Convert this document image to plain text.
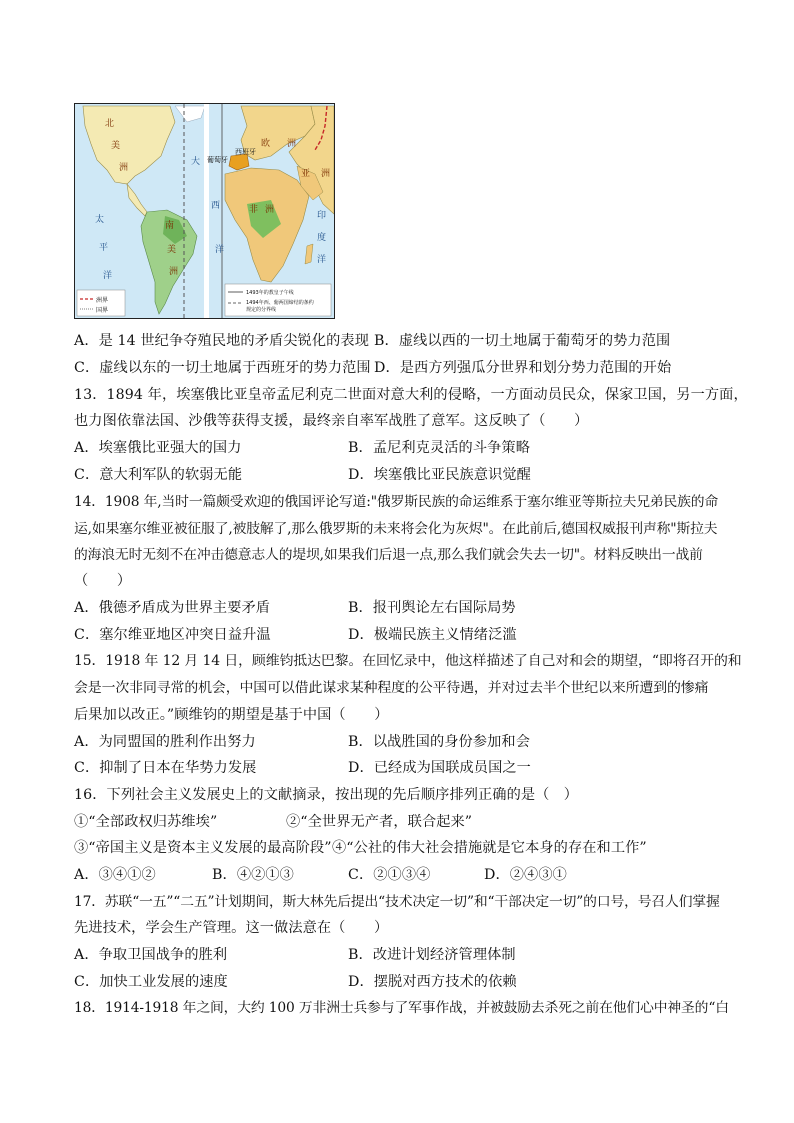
北
美
洲
南
美
洲
太
平
洋
大
西
洋
欧 洲
亚 洲
非 洲
印
度
洋
葡萄牙
西班牙
洲界
国界
1493年的教皇子午线
1494年西、葡两国缔结的条约
规定的分界线
A．是 14 世纪争夺殖民地的矛盾尖锐化的表现 B．虚线以西的一切土地属于葡萄牙的势力范围
C．虚线以东的一切土地属于西班牙的势力范围 D．是西方列强瓜分世界和划分势力范围的开始
13．1894 年，埃塞俄比亚皇帝孟尼利克二世面对意大利的侵略，一方面动员民众，保家卫国，另一方面，
也力图依靠法国、沙俄等获得支援，最终亲自率军战胜了意军。这反映了（　　）
A．埃塞俄比亚强大的国力	B．孟尼利克灵活的斗争策略
C．意大利军队的软弱无能	D．埃塞俄比亚民族意识觉醒
14．1908 年,当时一篇颇受欢迎的俄国评论写道:"俄罗斯民族的命运维系于塞尔维亚等斯拉夫兄弟民族的命
运,如果塞尔维亚被征服了,被肢解了,那么俄罗斯的未来将会化为灰烬"。在此前后,德国权威报刊声称"斯拉夫
的海浪无时无刻不在冲击德意志人的堤坝,如果我们后退一点,那么我们就会失去一切"。材料反映出一战前
（　　）
A．俄德矛盾成为世界主要矛盾	B．报刊舆论左右国际局势
C．塞尔维亚地区冲突日益升温	D．极端民族主义情绪泛滥
15．1918 年 12 月 14 日，顾维钧抵达巴黎。在回忆录中，他这样描述了自己对和会的期望，“即将召开的和
会是一次非同寻常的机会，中国可以借此谋求某种程度的公平待遇，并对过去半个世纪以来所遭到的惨痛
后果加以改正。”顾维钧的期望是基于中国（　　）
A．为同盟国的胜利作出努力	B．以战胜国的身份参加和会
C．抑制了日本在华势力发展	D．已经成为国联成员国之一
16．下列社会主义发展史上的文献摘录，按出现的先后顺序排列正确的是（　）
①“全部政权归苏维埃”	②“全世界无产者，联合起来”
③“帝国主义是资本主义发展的最高阶段” ④“公社的伟大社会措施就是它本身的存在和工作”
A．③④①②	B．④②①③	C．②①③④	D．②④③①
17．苏联“一五”“二五”计划期间，斯大林先后提出“技术决定一切”和“干部决定一切”的口号，号召人们掌握
先进技术，学会生产管理。这一做法意在（　　）
A．争取卫国战争的胜利	B．改进计划经济管理体制
C．加快工业发展的速度	D．摆脱对西方技术的依赖
18．1914-1918 年之间，大约 100 万非洲士兵参与了军事作战，并被鼓励去杀死之前在他们心中神圣的“白
